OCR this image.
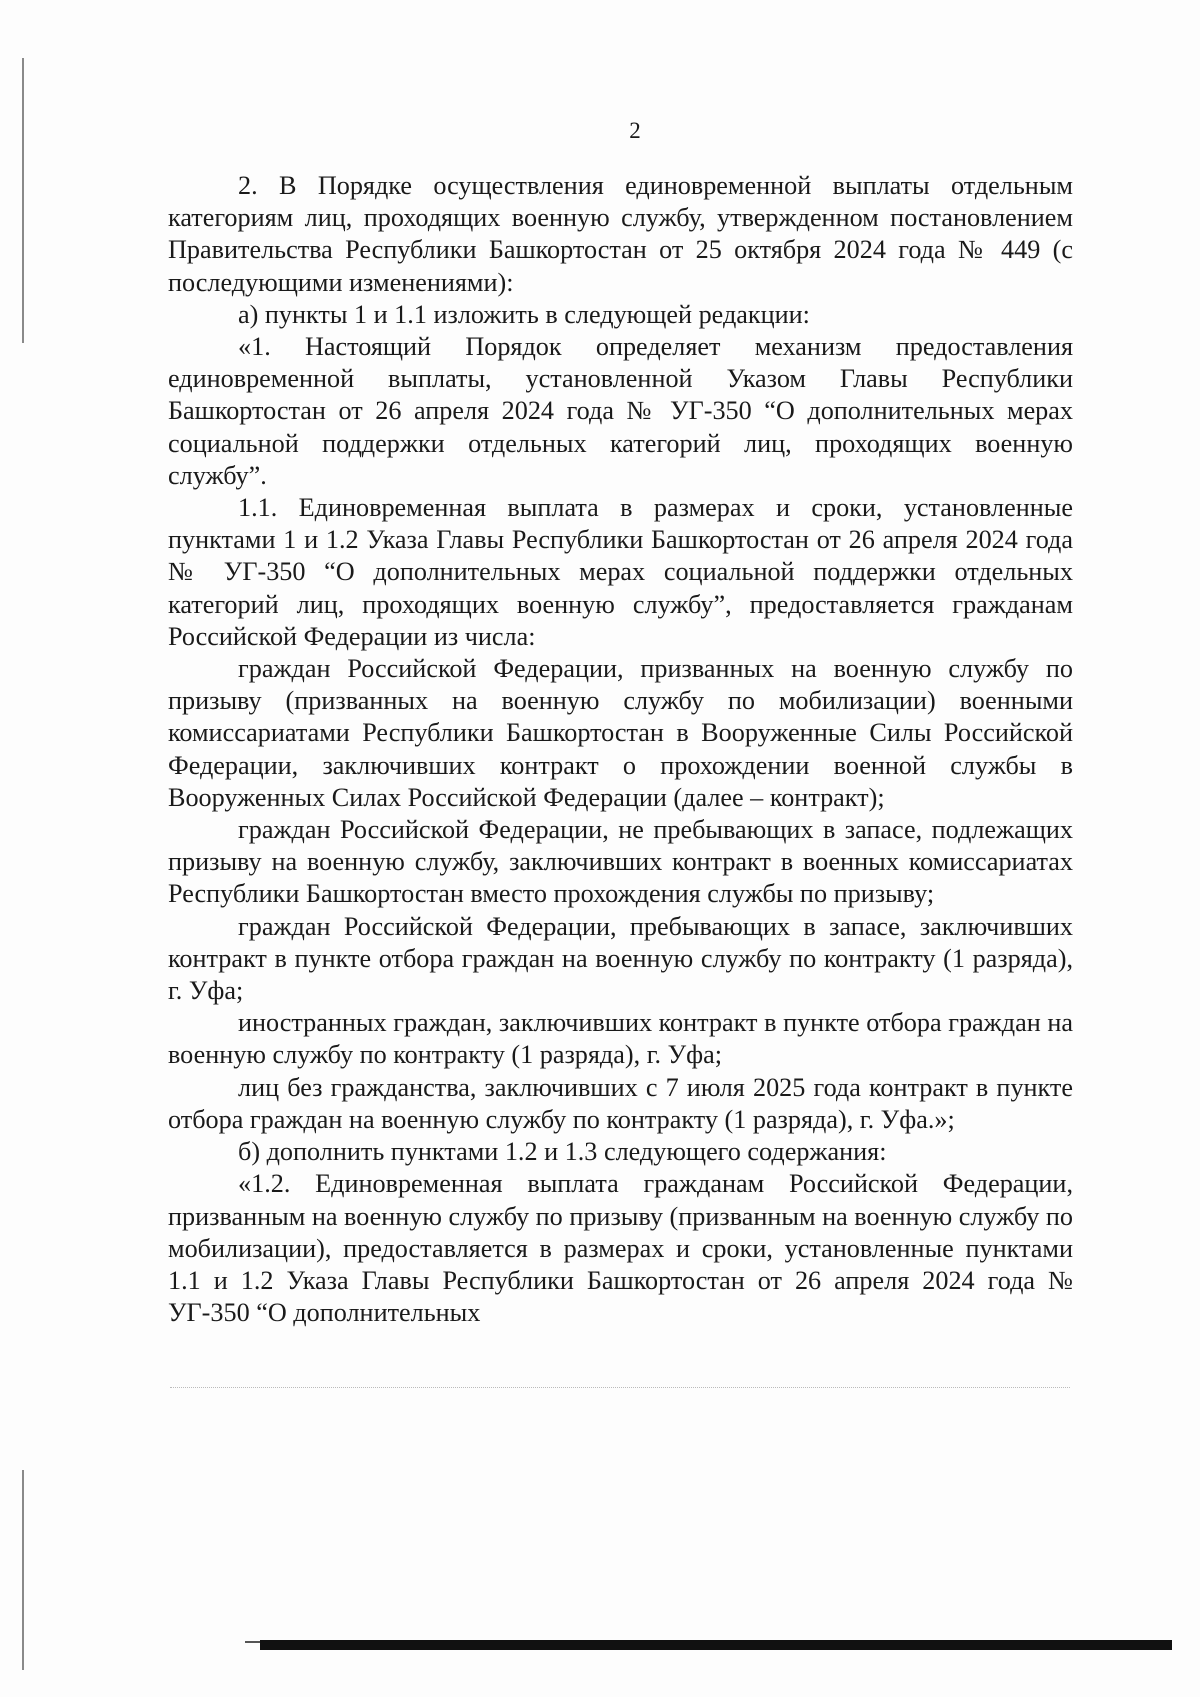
2

2. В Порядке осуществления единовременной выплаты отдельным категориям лиц, проходящих военную службу, утвержденном постановлением Правительства Республики Башкортостан от 25 октября 2024 года № 449 (с последующими изменениями):

а) пункты 1 и 1.1 изложить в следующей редакции:

«1. Настоящий Порядок определяет механизм предоставления единовременной выплаты, установленной Указом Главы Республики Башкортостан от 26 апреля 2024 года № УГ-350 “О дополнительных мерах социальной поддержки отдельных категорий лиц, проходящих военную службу”.

1.1. Единовременная выплата в размерах и сроки, установленные пунктами 1 и 1.2 Указа Главы Республики Башкортостан от 26 апреля 2024 года № УГ-350 “О дополнительных мерах социальной поддержки отдельных категорий лиц, проходящих военную службу”, предоставляется гражданам Российской Федерации из числа:

граждан Российской Федерации, призванных на военную службу по призыву (призванных на военную службу по мобилизации) военными комиссариатами Республики Башкортостан в Вооруженные Силы Российской Федерации, заключивших контракт о прохождении военной службы в Вооруженных Силах Российской Федерации (далее – контракт);

граждан Российской Федерации, не пребывающих в запасе, подлежащих призыву на военную службу, заключивших контракт в военных комиссариатах Республики Башкортостан вместо прохождения службы по призыву;

граждан Российской Федерации, пребывающих в запасе, заключивших контракт в пункте отбора граждан на военную службу по контракту (1 разряда), г. Уфа;

иностранных граждан, заключивших контракт в пункте отбора граждан на военную службу по контракту (1 разряда), г. Уфа;

лиц без гражданства, заключивших с 7 июля 2025 года контракт в пункте отбора граждан на военную службу по контракту (1 разряда), г. Уфа.»;

б) дополнить пунктами 1.2 и 1.3 следующего содержания:

«1.2. Единовременная выплата гражданам Российской Федерации, призванным на военную службу по призыву (призванным на военную службу по мобилизации), предоставляется в размерах и сроки, установленные пунктами 1.1 и 1.2 Указа Главы Республики Башкортостан от 26 апреля 2024 года № УГ-350 “О дополнительных
